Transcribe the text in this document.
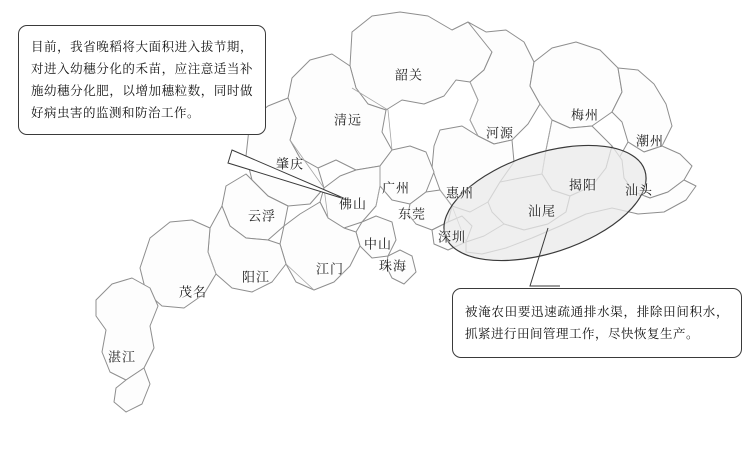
韶关
清远
河源
梅州
潮州
肇庆
广州	惠州
揭阳 汕头
云浮
佛山
东莞	汕尾
中山	深圳
阳江
江门	珠海
茂名
湛江

目前，我省晚稻将大面积进入拔节期，对进入幼穗分化的禾苗，应注意适当补施幼穗分化肥，以增加穗粒数，同时做好病虫害的监测和防治工作。

被淹农田要迅速疏通排水渠，排除田间积水，抓紧进行田间管理工作，尽快恢复生产。
